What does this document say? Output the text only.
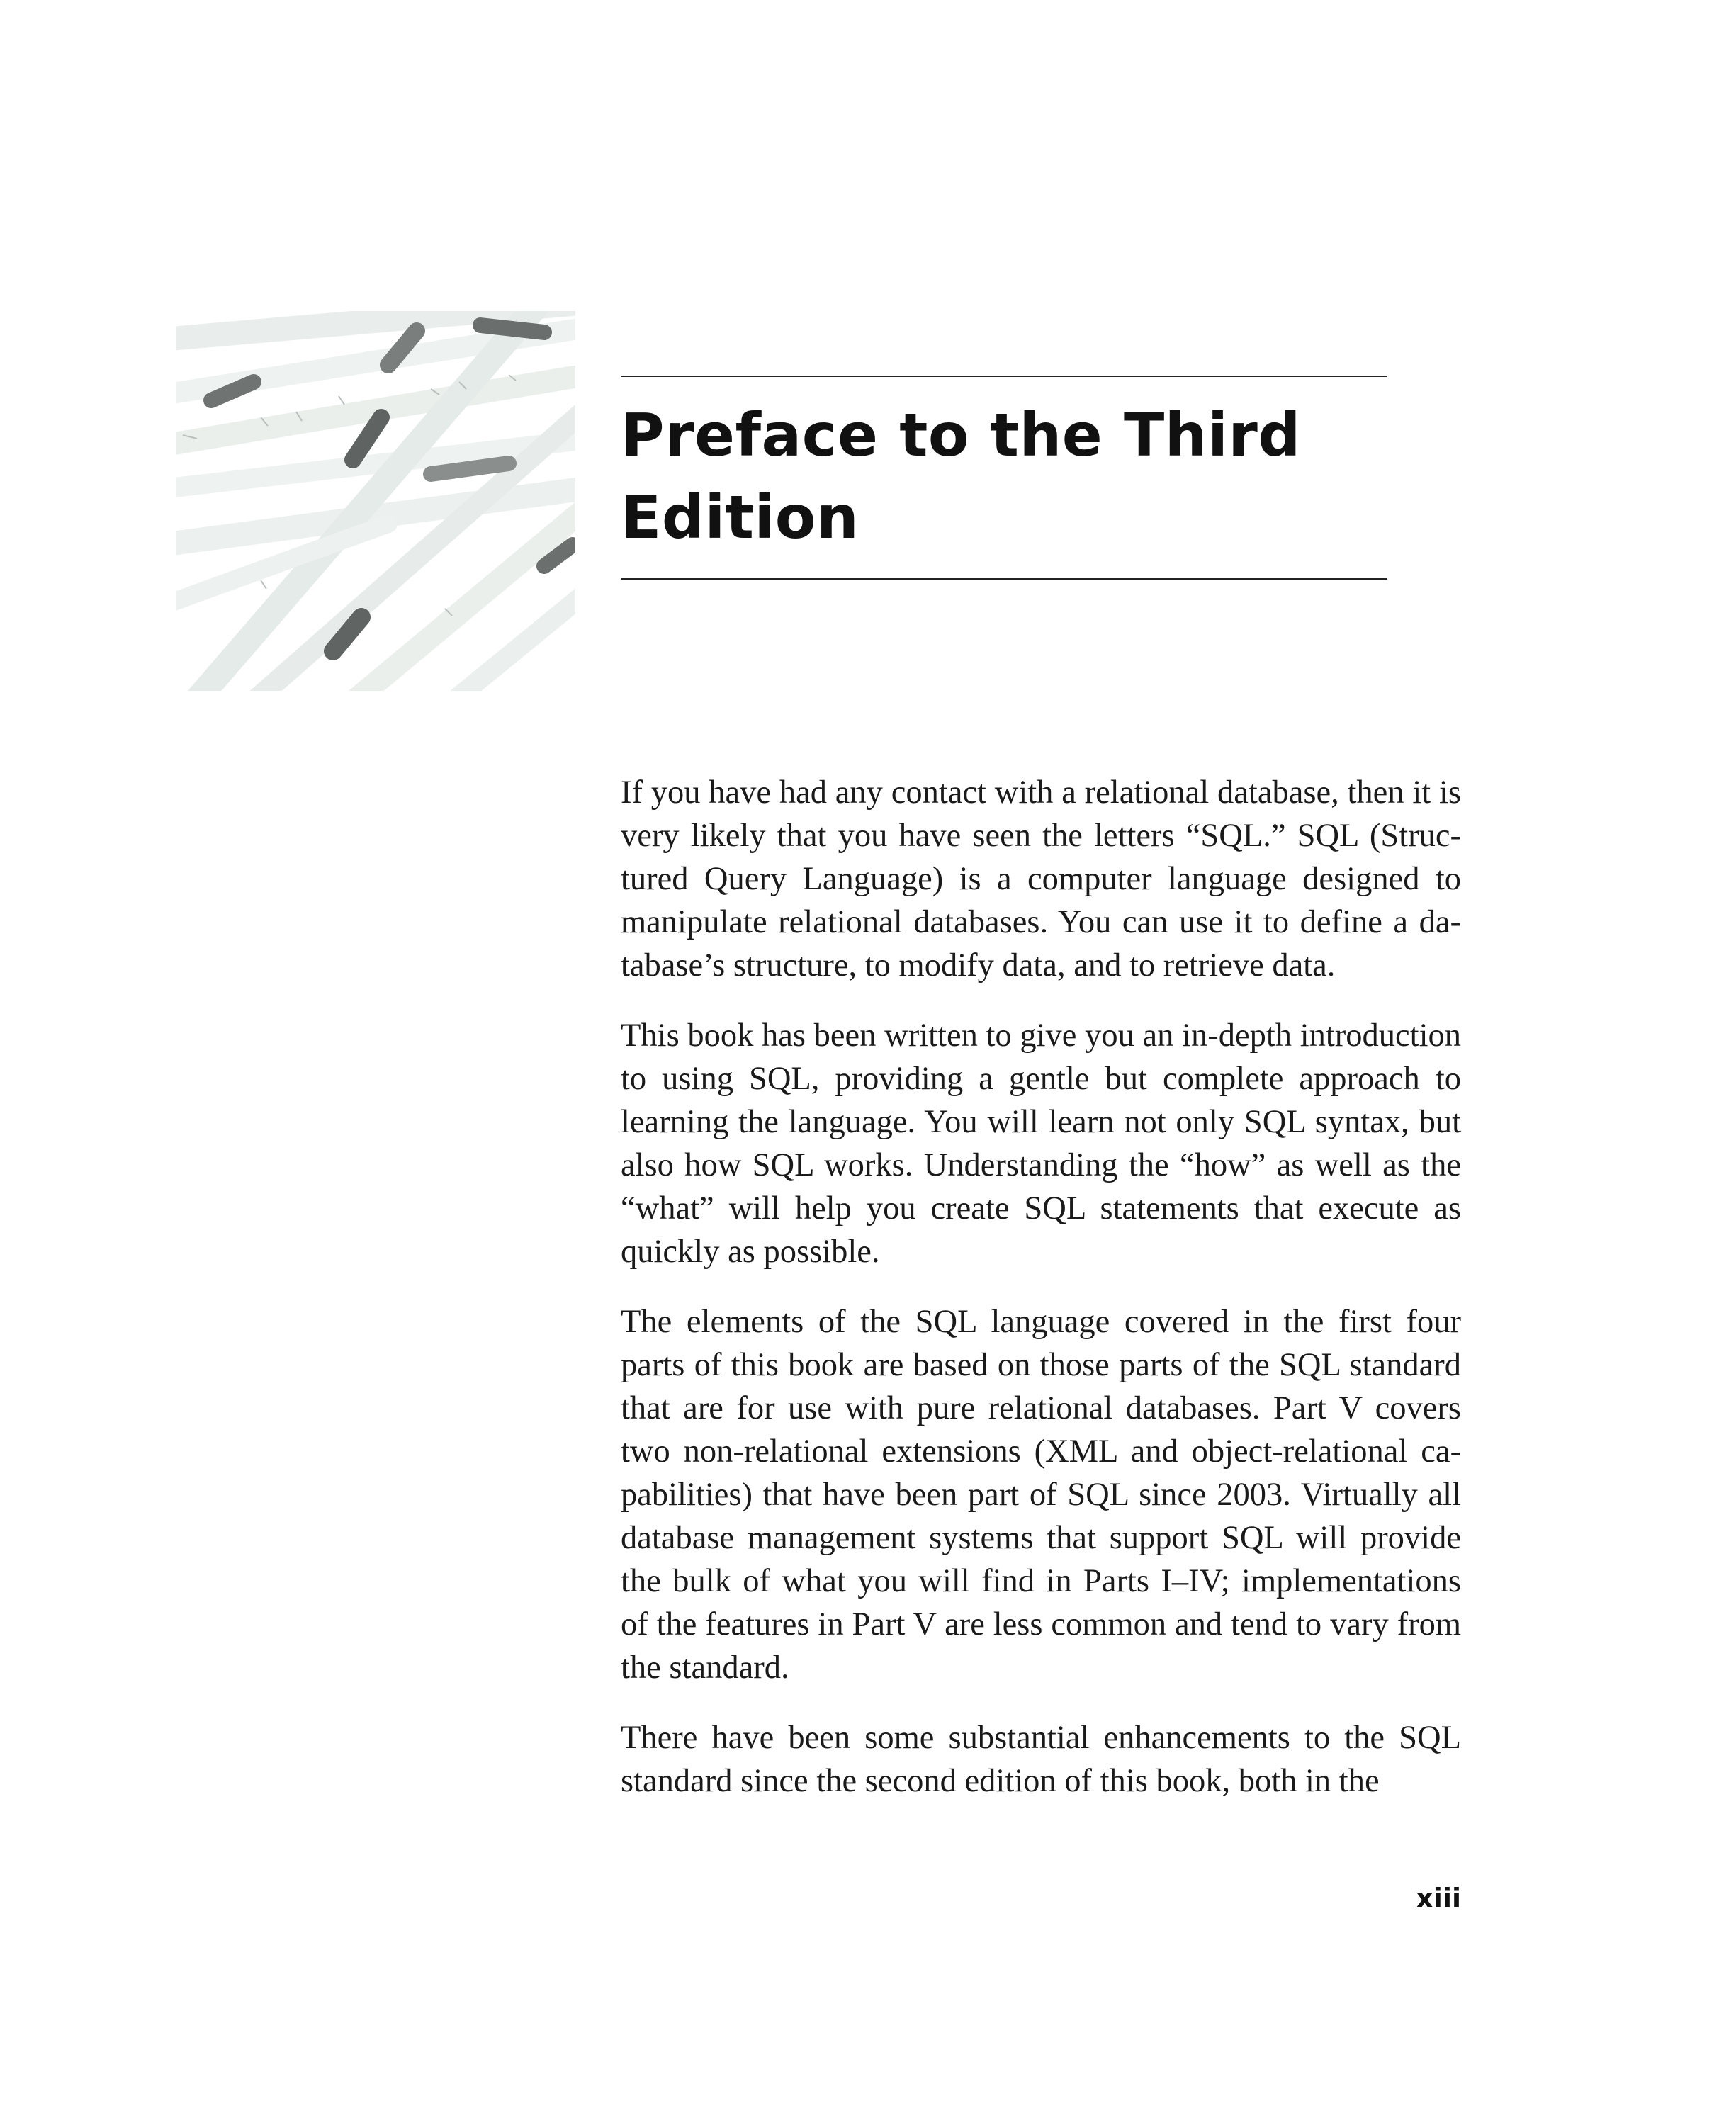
Preface to the Third Edition

If you have had any contact with a relational database, then it is very likely that you have seen the letters “SQL.” SQL (Structured Query Language) is a computer language designed to manipulate relational databases. You can use it to define a database’s structure, to modify data, and to retrieve data.

This book has been written to give you an in-depth introduction to using SQL, providing a gentle but complete approach to learning the language. You will learn not only SQL syntax, but also how SQL works. Understanding the “how” as well as the “what” will help you create SQL statements that execute as quickly as possible.

The elements of the SQL language covered in the first four parts of this book are based on those parts of the SQL standard that are for use with pure relational databases. Part V covers two non-relational extensions (XML and object-relational capabilities) that have been part of SQL since 2003. Virtually all database management systems that support SQL will provide the bulk of what you will find in Parts I–IV; implementations of the features in Part V are less common and tend to vary from the standard.

There have been some substantial enhancements to the SQL standard since the second edition of this book, both in the

xiii
